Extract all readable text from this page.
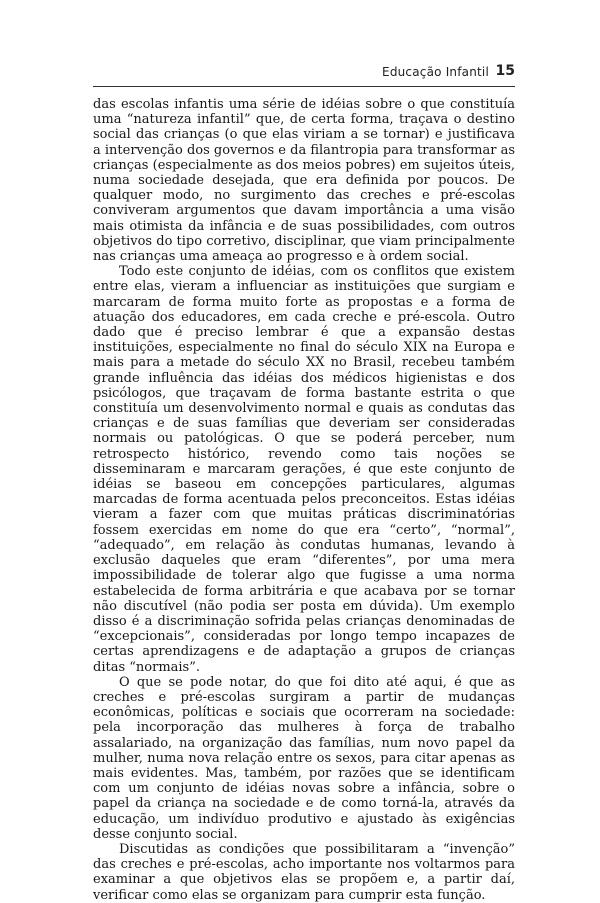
Educação Infantil 15

das escolas infantis uma série de idéias sobre o que constituía uma “natureza infantil” que, de certa forma, traçava o destino social das crianças (o que elas viriam a se tornar) e justificava a intervenção dos governos e da filantropia para transformar as crianças (especialmente as dos meios pobres) em sujeitos úteis, numa sociedade desejada, que era definida por poucos. De qualquer modo, no surgimento das creches e pré-escolas conviveram argumentos que davam importância a uma visão mais otimista da infância e de suas possibilidades, com outros objetivos do tipo corretivo, disciplinar, que viam principalmente nas crianças uma ameaça ao progresso e à ordem social.

Todo este conjunto de idéias, com os conflitos que existem entre elas, vieram a influenciar as instituições que surgiam e marcaram de forma muito forte as propostas e a forma de atuação dos educadores, em cada creche e pré-escola. Outro dado que é preciso lembrar é que a expansão destas instituições, especialmente no final do século XIX na Europa e mais para a metade do século XX no Brasil, recebeu também grande influência das idéias dos médicos higienistas e dos psicólogos, que traçavam de forma bastante estrita o que constituía um desenvolvimento normal e quais as condutas das crianças e de suas famílias que deveriam ser consideradas normais ou patológicas. O que se poderá perceber, num retrospecto histórico, revendo como tais noções se disseminaram e marcaram gerações, é que este conjunto de idéias se baseou em concepções particulares, algumas marcadas de forma acentuada pelos preconceitos. Estas idéias vieram a fazer com que muitas práticas discriminatórias fossem exercidas em nome do que era “certo”, “normal”, “adequado”, em relação às condutas humanas, levando à exclusão daqueles que eram “diferentes”, por uma mera impossibilidade de tolerar algo que fugisse a uma norma estabelecida de forma arbitrária e que acabava por se tornar não discutível (não podia ser posta em dúvida). Um exemplo disso é a discriminação sofrida pelas crianças denominadas de “excepcionais”, consideradas por longo tempo incapazes de certas aprendizagens e de adaptação a grupos de crianças ditas “normais”.

O que se pode notar, do que foi dito até aqui, é que as creches e pré-escolas surgiram a partir de mudanças econômicas, políticas e sociais que ocorreram na sociedade: pela incorporação das mulheres à força de trabalho assalariado, na organização das famílias, num novo papel da mulher, numa nova relação entre os sexos, para citar apenas as mais evidentes. Mas, também, por razões que se identificam com um conjunto de idéias novas sobre a infância, sobre o papel da criança na sociedade e de como torná-la, através da educação, um indivíduo produtivo e ajustado às exigências desse conjunto social.

Discutidas as condições que possibilitaram a “invenção” das creches e pré-escolas, acho importante nos voltarmos para examinar a que objetivos elas se propõem e, a partir daí, verificar como elas se organizam para cumprir esta função.
